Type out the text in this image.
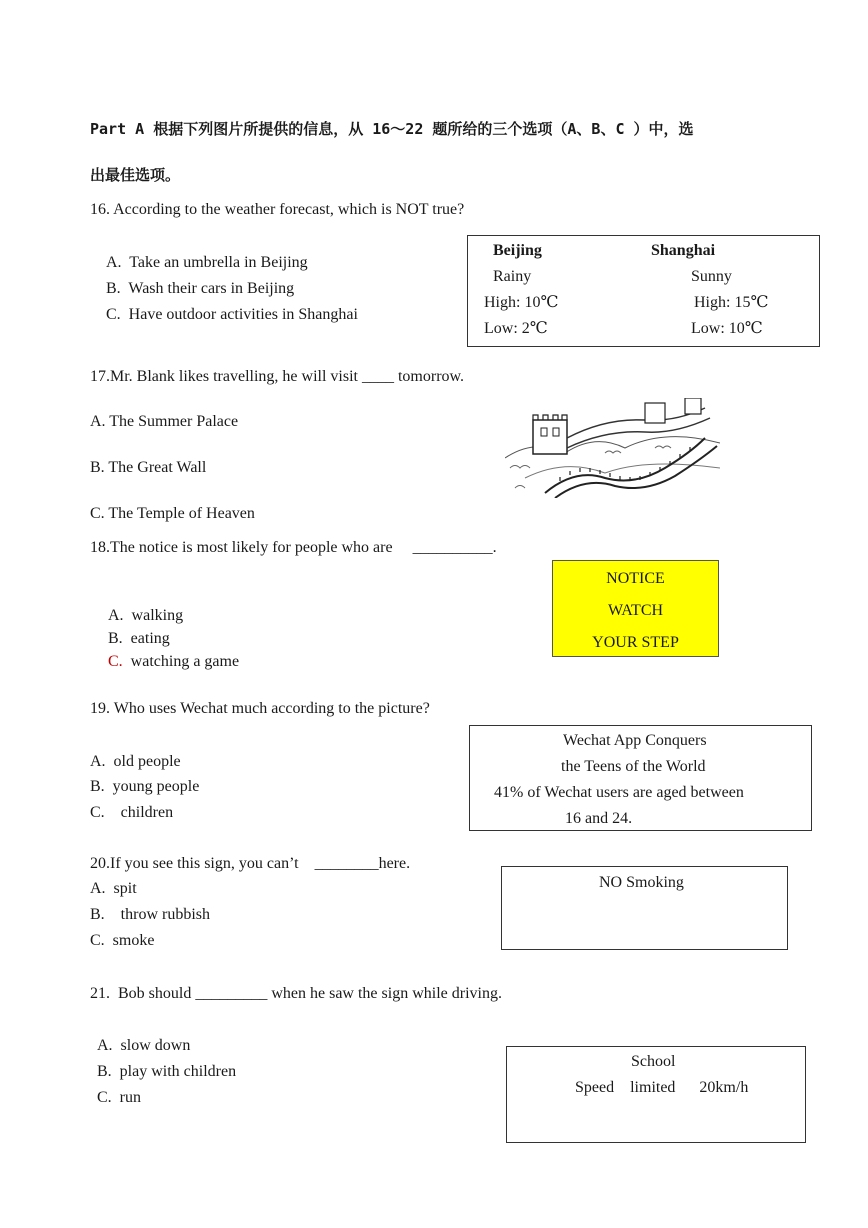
Part A 根据下列图片所提供的信息，从 16～22 题所给的三个选项（A、B、C ）中，选
出最佳选项。
16. According to the weather forecast, which is NOT true?
A.  Take an umbrella in Beijing
B.  Wash their cars in Beijing
C.  Have outdoor activities in Shanghai
Beijing	Shanghai
Rainy	Sunny
High: 10℃	High: 15℃
Low: 2℃	Low: 10℃
17.Mr. Blank likes travelling, he will visit ____ tomorrow.
A. The Summer Palace
B. The Great Wall
C. The Temple of Heaven
18.The notice is most likely for people who are     __________.
A.  walking
B.  eating
C.  watching a game
NOTICE
WATCH
YOUR STEP
19. Who uses Wechat much according to the picture?
A.  old people
B.  young people
C.    children
Wechat App Conquers
the Teens of the World
41% of Wechat users are aged between
16 and 24.
20.If you see this sign, you can’t    ________here.
A.  spit
B.    throw rubbish
C.  smoke
NO Smoking
21.  Bob should _________ when he saw the sign while driving.
A.  slow down
B.  play with children
C.  run
School
Speed    limited      20km/h
